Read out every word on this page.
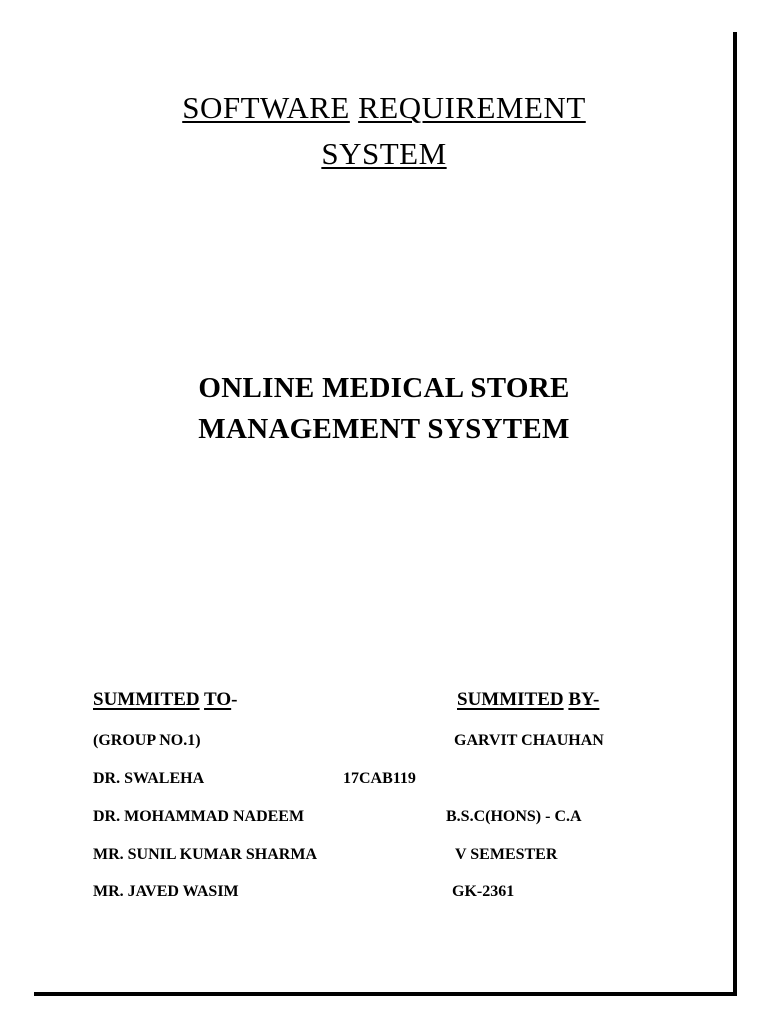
SOFTWARE REQUIREMENT
SYSTEM
ONLINE MEDICAL STORE
MANAGEMENT SYSYTEM
SUMMITED TO-	SUMMITED BY-
(GROUP NO.1)
DR. SWALEHA
DR. MOHAMMAD NADEEM
MR. SUNIL KUMAR SHARMA
MR. JAVED WASIM
GARVIT CHAUHAN
17CAB119
B.S.C(HONS) - C.A
V SEMESTER
GK-2361
